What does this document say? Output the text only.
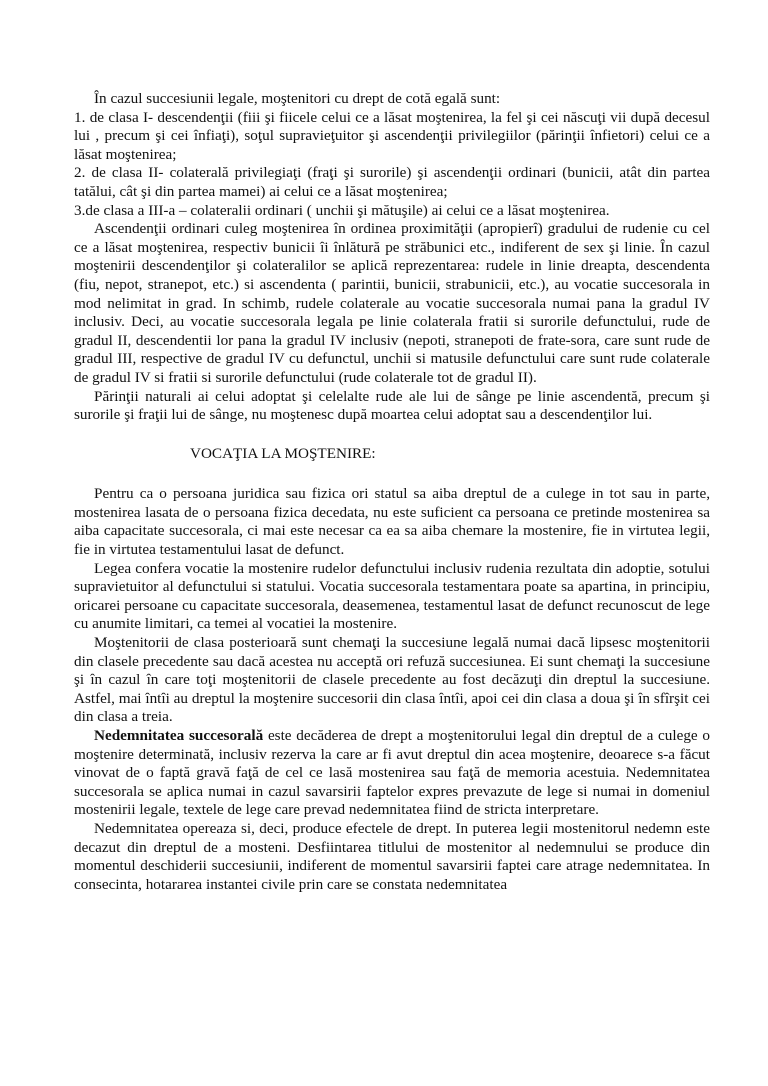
În cazul succesiunii legale, moştenitori cu drept de cotă egală sunt:

1. de clasa I- descendenţii (fiii şi fiicele celui ce a lăsat moştenirea, la fel şi cei născuţi vii după decesul lui , precum şi cei înfiaţi), soţul supravieţuitor şi ascendenţii privilegiilor (părinţii înfietori) celui ce a lăsat moştenirea;

2. de clasa II- colaterală privilegiaţi (fraţi şi surorile) şi ascendenţii ordinari (bunicii, atât din partea tatălui, cât şi din partea mamei) ai celui ce a lăsat moştenirea;

3.de clasa a III-a – colateralii ordinari ( unchii şi mătuşile) ai celui ce a lăsat moştenirea.

Ascendenţii ordinari culeg moştenirea în ordinea proximităţii (apropierî) gradului de rudenie cu cel ce a lăsat moştenirea, respectiv bunicii îi înlătură pe străbunici etc., indiferent de sex şi linie. În cazul moştenirii descendenţilor şi colateralilor se aplică reprezentarea: rudele in linie dreapta, descendenta (fiu, nepot, stranepot, etc.) si ascendenta ( parintii, bunicii, strabunicii, etc.), au vocatie succesorala in mod nelimitat in grad. In schimb, rudele colaterale au vocatie succesorala numai pana la gradul IV inclusiv. Deci, au vocatie succesorala legala pe linie colaterala fratii si surorile defunctului, rude de gradul II, descendentii lor pana la gradul IV inclusiv (nepoti, stranepoti de frate-sora, care sunt rude de gradul III, respective de gradul IV cu defunctul, unchii si matusile defunctului care sunt rude colaterale de gradul IV si fratii si surorile defunctului (rude colaterale tot de gradul II).

Părinţii naturali ai celui adoptat şi celelalte rude ale lui de sânge pe linie ascendentă, precum şi surorile şi fraţii lui de sânge, nu moştenesc după moartea celui adoptat sau a descendenţilor lui.

VOCAŢIA LA MOŞTENIRE:

Pentru ca o persoana juridica sau fizica ori statul sa aiba dreptul de a culege in tot sau in parte, mostenirea lasata de o persoana fizica decedata, nu este suficient ca persoana ce pretinde mostenirea sa aiba capacitate succesorala, ci mai este necesar ca ea sa aiba chemare la mostenire, fie in virtutea legii, fie in virtutea testamentului lasat de defunct.

Legea confera vocatie la mostenire rudelor defunctului inclusiv rudenia rezultata din adoptie, sotului supravietuitor al defunctului si statului. Vocatia succesorala testamentara poate sa apartina, in principiu, oricarei persoane cu capacitate succesorala, deasemenea, testamentul lasat de defunct recunoscut de lege cu anumite limitari, ca temei al vocatiei la mostenire.

Moştenitorii de clasa posterioară sunt chemaţi la succesiune legală numai dacă lipsesc moştenitorii din clasele precedente sau dacă acestea nu acceptă ori refuză succesiunea. Ei sunt chemaţi la succesiune şi în cazul în care toţi moştenitorii de clasele precedente au fost decăzuţi din dreptul la succesiune. Astfel, mai întîi au dreptul la moştenire succesorii din clasa întîi, apoi cei din clasa a doua şi în sfîrşit cei din clasa a treia.

Nedemnitatea succesorală este decăderea de drept a moştenitorului legal din dreptul de a culege o moştenire determinată, inclusiv rezerva la care ar fi avut dreptul din acea moştenire, deoarece s-a făcut vinovat de o faptă gravă faţă de cel ce lasă mostenirea sau faţă de memoria acestuia. Nedemnitatea succesorala se aplica numai in cazul savarsirii faptelor expres prevazute de lege si numai in domeniul mostenirii legale, textele de lege care prevad nedemnitatea fiind de stricta interpretare.

Nedemnitatea opereaza si, deci, produce efectele de drept. In puterea legii mostenitorul nedemn este decazut din dreptul de a mosteni. Desfiintarea titlului de mostenitor al nedemnului se produce din momentul deschiderii succesiunii, indiferent de momentul savarsirii faptei care atrage nedemnitatea. In consecinta, hotararea instantei civile prin care se constata nedemnitatea
